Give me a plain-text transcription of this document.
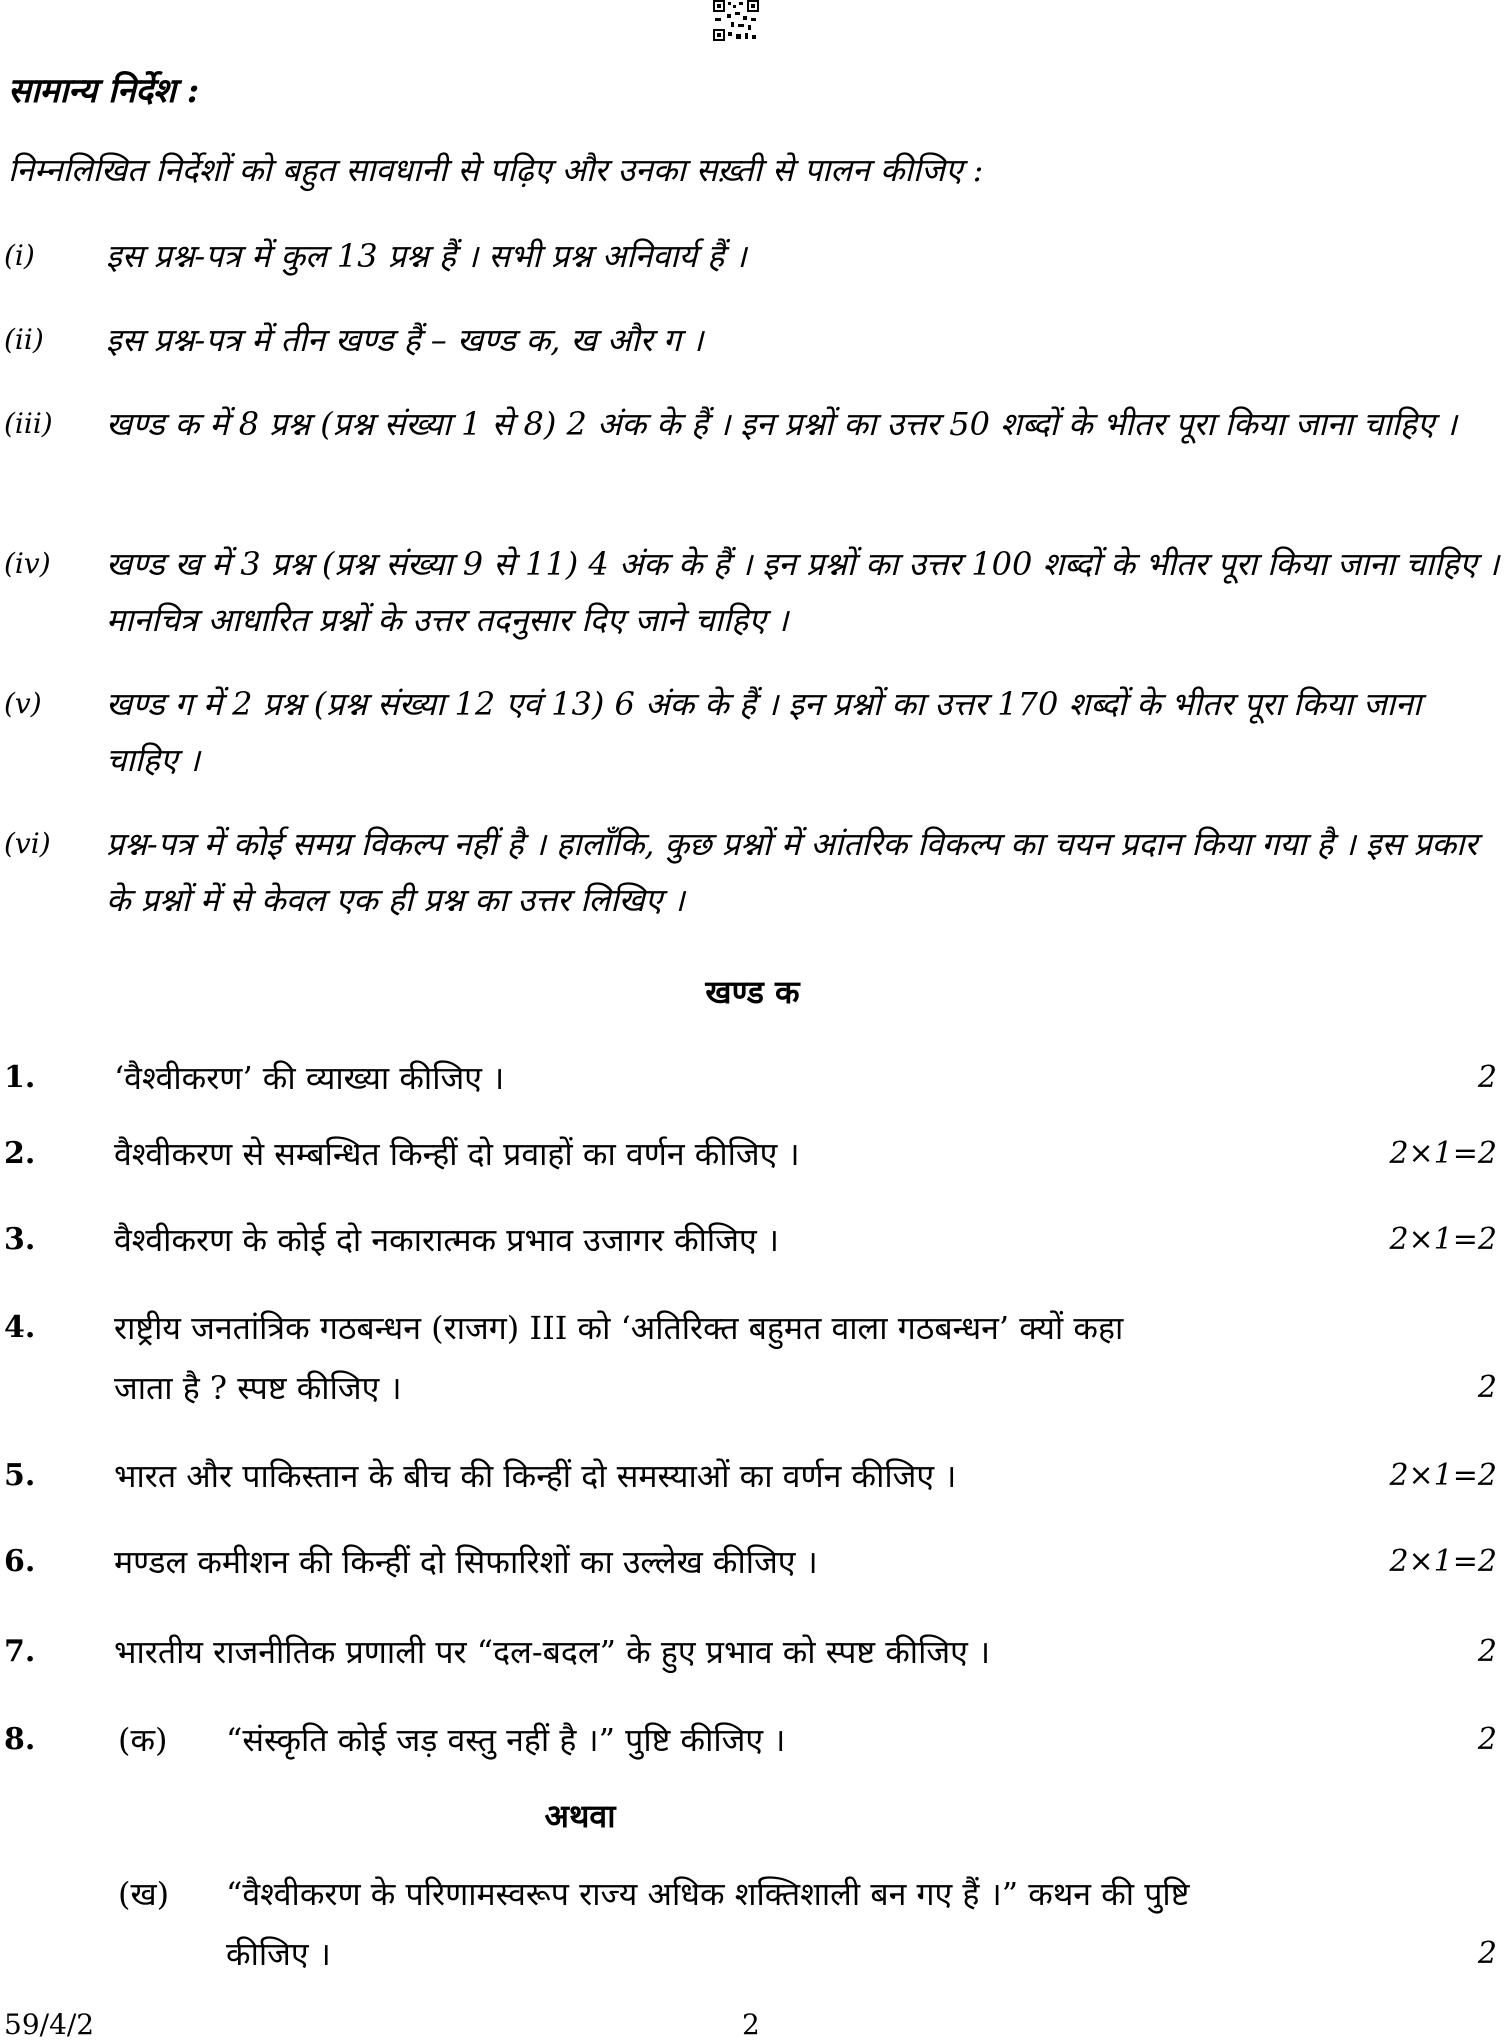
सामान्य निर्देश :
निम्नलिखित निर्देशों को बहुत सावधानी से पढ़िए और उनका सख़्ती से पालन कीजिए :
(i) इस प्रश्न-पत्र में कुल 13 प्रश्न हैं । सभी प्रश्न अनिवार्य हैं ।
(ii) इस प्रश्न-पत्र में तीन खण्ड हैं – खण्ड क, ख और ग ।
(iii) खण्ड क में 8 प्रश्न (प्रश्न संख्या 1 से 8) 2 अंक के हैं । इन प्रश्नों का उत्तर 50 शब्दों के भीतर पूरा किया जाना चाहिए ।
(iv) खण्ड ख में 3 प्रश्न (प्रश्न संख्या 9 से 11) 4 अंक के हैं । इन प्रश्नों का उत्तर 100 शब्दों के भीतर पूरा किया जाना चाहिए । मानचित्र आधारित प्रश्नों के उत्तर तदनुसार दिए जाने चाहिए ।
(v) खण्ड ग में 2 प्रश्न (प्रश्न संख्या 12 एवं 13) 6 अंक के हैं । इन प्रश्नों का उत्तर 170 शब्दों के भीतर पूरा किया जाना चाहिए ।
(vi) प्रश्न-पत्र में कोई समग्र विकल्प नहीं है । हालाँकि, कुछ प्रश्नों में आंतरिक विकल्प का चयन प्रदान किया गया है । इस प्रकार के प्रश्नों में से केवल एक ही प्रश्न का उत्तर लिखिए ।
खण्ड क
1. ‘वैश्वीकरण’ की व्याख्या कीजिए ।	2
2. वैश्वीकरण से सम्बन्धित किन्हीं दो प्रवाहों का वर्णन कीजिए ।	2×1=2
3. वैश्वीकरण के कोई दो नकारात्मक प्रभाव उजागर कीजिए ।	2×1=2
4. राष्ट्रीय जनतांत्रिक गठबन्धन (राजग) III को ‘अतिरिक्त बहुमत वाला गठबन्धन’ क्यों कहा
जाता है ? स्पष्ट कीजिए ।	2
5. भारत और पाकिस्तान के बीच की किन्हीं दो समस्याओं का वर्णन कीजिए ।	2×1=2
6. मण्डल कमीशन की किन्हीं दो सिफारिशों का उल्लेख कीजिए ।	2×1=2
7. भारतीय राजनीतिक प्रणाली पर “दल-बदल” के हुए प्रभाव को स्पष्ट कीजिए ।	2
8.	(क) “संस्कृति कोई जड़ वस्तु नहीं है ।” पुष्टि कीजिए ।	2
अथवा
(ख) “वैश्वीकरण के परिणामस्वरूप राज्य अधिक शक्तिशाली बन गए हैं ।” कथन की पुष्टि
कीजिए ।	2
59/4/2	2
